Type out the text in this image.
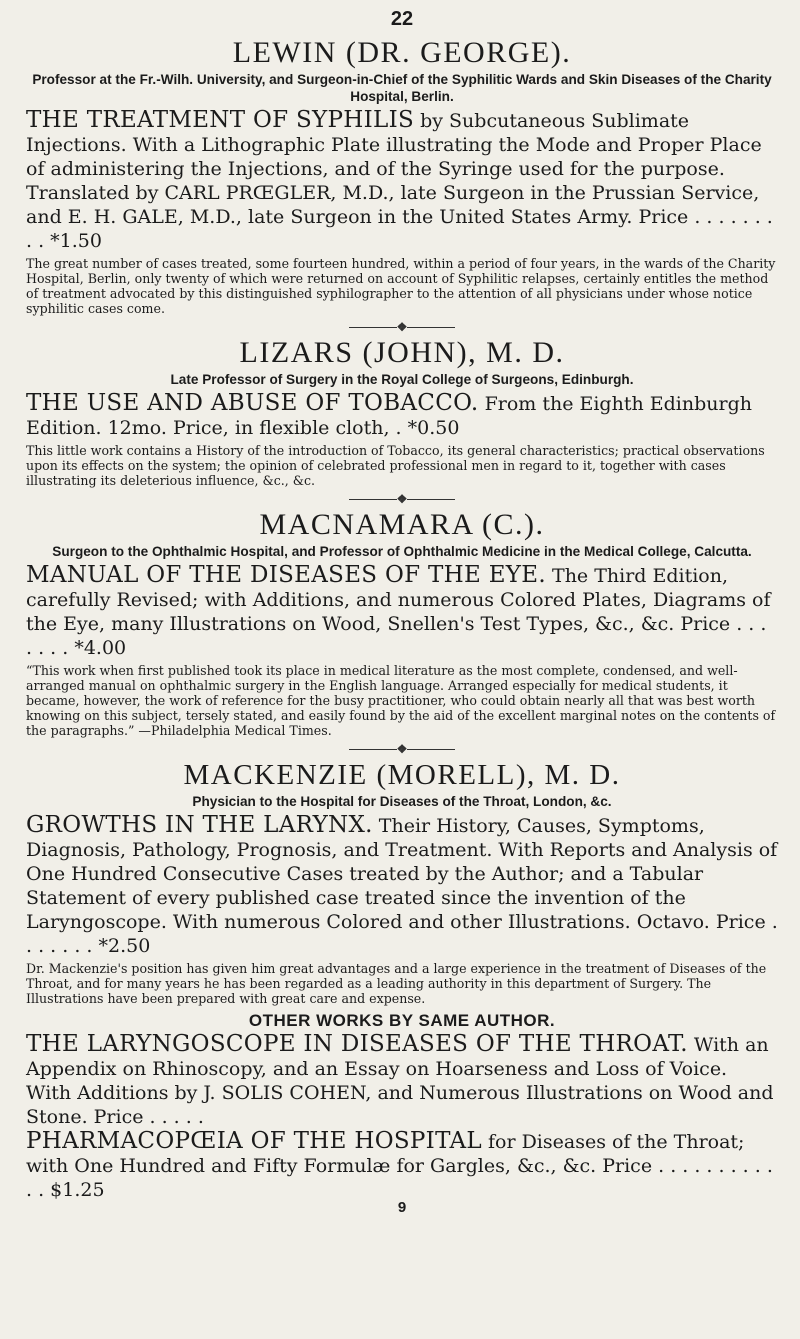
22
LEWIN (DR. GEORGE).
Professor at the Fr.-Wilh. University, and Surgeon-in-Chief of the Syphilitic Wards and Skin Diseases of the Charity Hospital, Berlin.

THE TREATMENT OF SYPHILIS by Subcutaneous Sublimate Injections. With a Lithographic Plate illustrating the Mode and Proper Place of administering the Injections, and of the Syringe used for the purpose. Translated by CARL PRŒGLER, M.D., late Surgeon in the Prussian Service, and E. H. GALE, M.D., late Surgeon in the United States Army. Price . . . . . . . . . *1.50

The great number of cases treated, some fourteen hundred, within a period of four years, in the wards of the Charity Hospital, Berlin, only twenty of which were returned on account of Syphilitic relapses, certainly entitles the method of treatment advocated by this distinguished syphilographer to the attention of all physicians under whose notice syphilitic cases come.

❖
LIZARS (JOHN), M. D.
Late Professor of Surgery in the Royal College of Surgeons, Edinburgh.

THE USE AND ABUSE OF TOBACCO. From the Eighth Edinburgh Edition. 12mo. Price, in flexible cloth, . *0.50

This little work contains a History of the introduction of Tobacco, its general characteristics; practical observations upon its effects on the system; the opinion of celebrated professional men in regard to it, together with cases illustrating its deleterious influence, &c., &c.

❖
MACNAMARA (C.).
Surgeon to the Ophthalmic Hospital, and Professor of Ophthalmic Medicine in the Medical College, Calcutta.

MANUAL OF THE DISEASES OF THE EYE. The Third Edition, carefully Revised; with Additions, and numerous Colored Plates, Diagrams of the Eye, many Illustrations on Wood, Snellen's Test Types, &c., &c. Price . . . . . . . *4.00

“This work when first published took its place in medical literature as the most complete, condensed, and well-arranged manual on ophthalmic surgery in the English language. Arranged especially for medical students, it became, however, the work of reference for the busy practitioner, who could obtain nearly all that was best worth knowing on this subject, tersely stated, and easily found by the aid of the excellent marginal notes on the contents of the paragraphs.” —Philadelphia Medical Times.

❖
MACKENZIE (MORELL), M. D.
Physician to the Hospital for Diseases of the Throat, London, &c.

GROWTHS IN THE LARYNX. Their History, Causes, Symptoms, Diagnosis, Pathology, Prognosis, and Treatment. With Reports and Analysis of One Hundred Consecutive Cases treated by the Author; and a Tabular Statement of every published case treated since the invention of the Laryngoscope. With numerous Colored and other Illustrations. Octavo. Price . . . . . . . *2.50

Dr. Mackenzie's position has given him great advantages and a large experience in the treatment of Diseases of the Throat, and for many years he has been regarded as a leading authority in this department of Surgery. The Illustrations have been prepared with great care and expense.

OTHER WORKS BY SAME AUTHOR.

THE LARYNGOSCOPE IN DISEASES OF THE THROAT. With an Appendix on Rhinoscopy, and an Essay on Hoarseness and Loss of Voice. With Additions by J. SOLIS COHEN, and Numerous Illustrations on Wood and Stone. Price . . . . .

PHARMACOPŒIA OF THE HOSPITAL for Diseases of the Throat; with One Hundred and Fifty Formulæ for Gargles, &c., &c. Price . . . . . . . . . . . . $1.25

9
